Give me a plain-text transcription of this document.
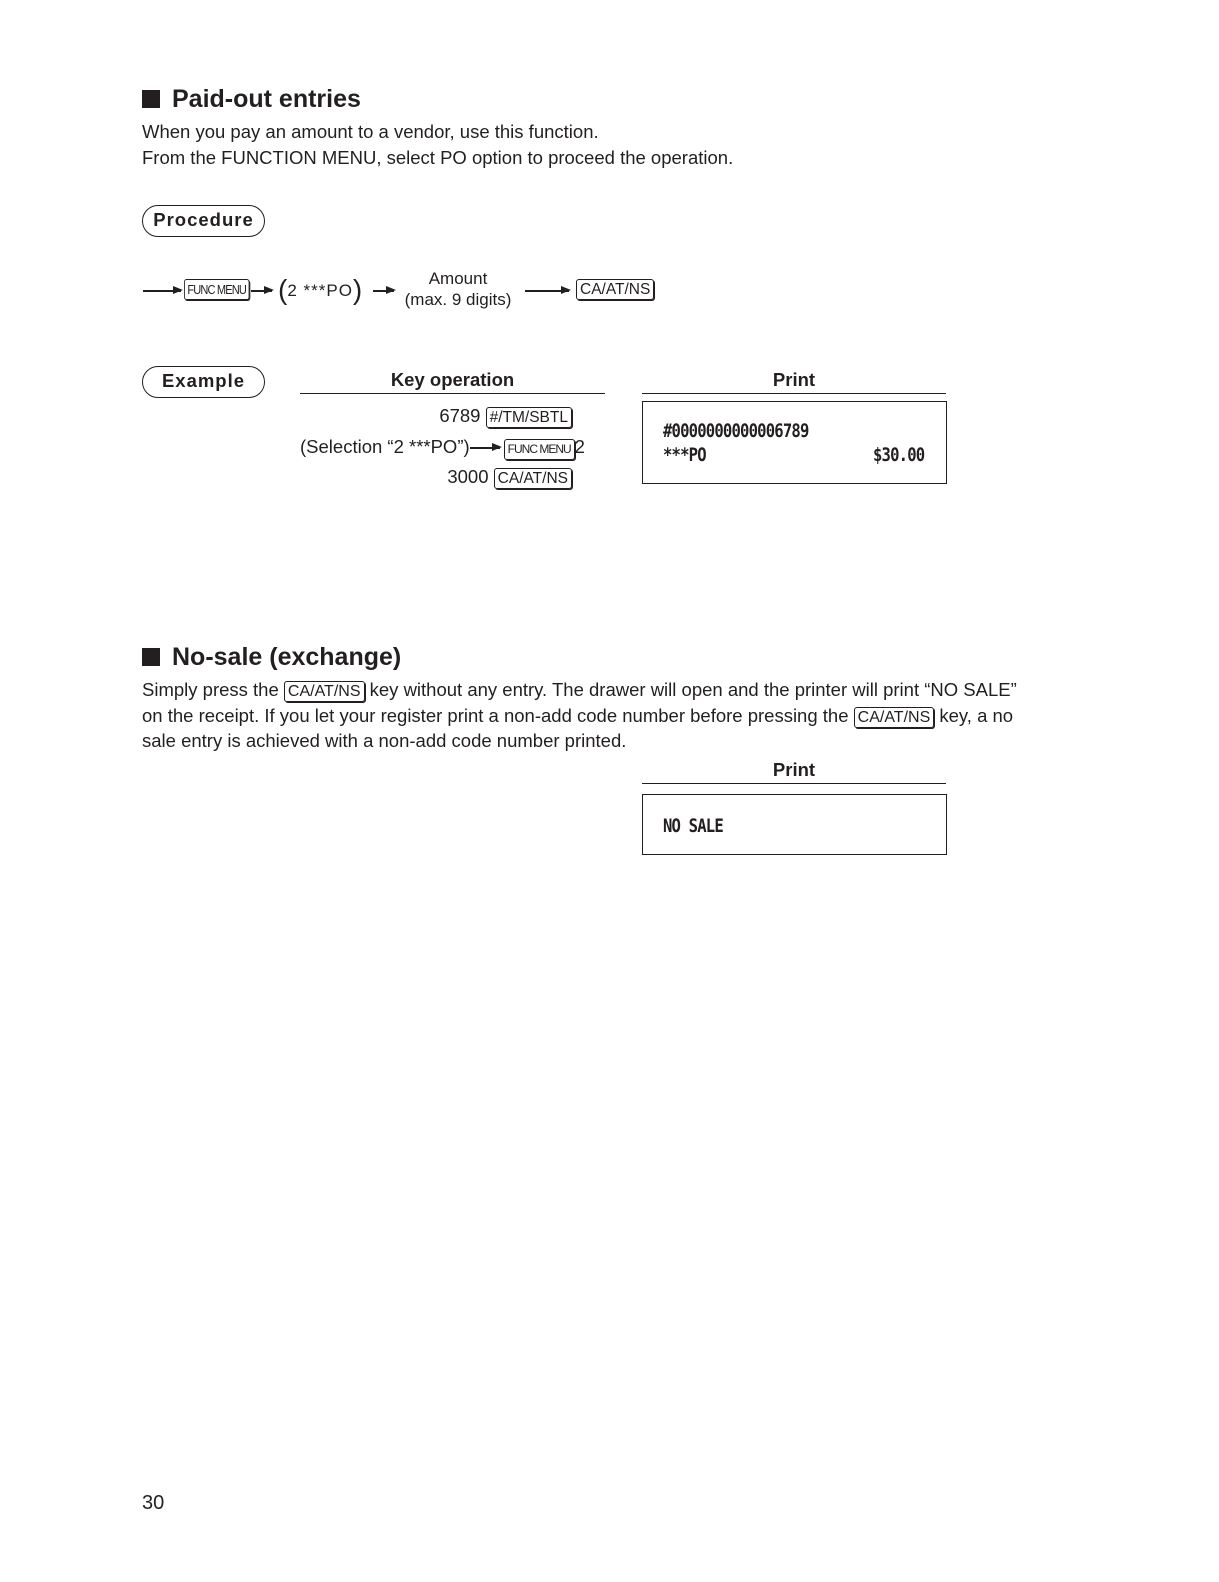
Paid-out entries
When you pay an amount to a vendor, use this function.
From the FUNCTION MENU, select PO option to proceed the operation.
Procedure
FUNC MENU	(2 ***PO)	Amount
(max. 9 digits)
CA/AT/NS
Example	Key operation	Print
6789 #/TM/SBTL
(Selection “2 ***PO”)	FUNC MENU 2
3000 CA/AT/NS
#0000000000006789
***PO	$30.00
No-sale (exchange)
Simply press the CA/AT/NS key without any entry. The drawer will open and the printer will print “NO SALE”
on the receipt. If you let your register print a non-add code number before pressing the CA/AT/NS key, a no
sale entry is achieved with a non-add code number printed.
Print
NO SALE
30
